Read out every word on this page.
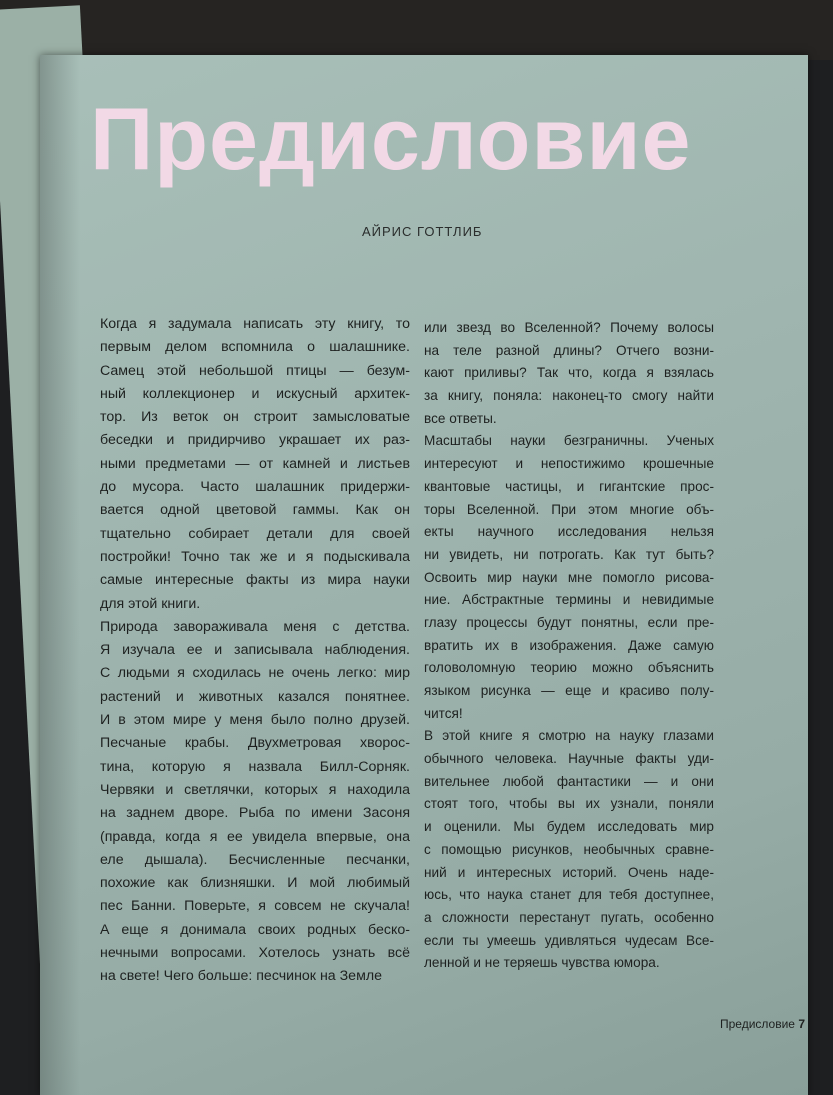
Предисловие
АЙРИС ГОТТЛИБ
Когда я задумала написать эту книгу, то
первым делом вспомнила о шалашнике.
Самец этой небольшой птицы — безум-
ный коллекционер и искусный архитек-
тор. Из веток он строит замысловатые
беседки и придирчиво украшает их раз-
ными предметами — от камней и листьев
до мусора. Часто шалашник придержи-
вается одной цветовой гаммы. Как он
тщательно собирает детали для своей
постройки! Точно так же и я подыскивала
самые интересные факты из мира науки
для этой книги.
Природа завораживала меня с детства.
Я изучала ее и записывала наблюдения.
С людьми я сходилась не очень легко: мир
растений и животных казался понятнее.
И в этом мире у меня было полно друзей.
Песчаные крабы. Двухметровая хворос-
тина, которую я назвала Билл-Сорняк.
Червяки и светлячки, которых я находила
на заднем дворе. Рыба по имени Засоня
(правда, когда я ее увидела впервые, она
еле дышала). Бесчисленные песчанки,
похожие как близняшки. И мой любимый
пес Банни. Поверьте, я совсем не скучала!
А еще я донимала своих родных беско-
нечными вопросами. Хотелось узнать всё
на свете! Чего больше: песчинок на Земле
или звезд во Вселенной? Почему волосы
на теле разной длины? Отчего возни-
кают приливы? Так что, когда я взялась
за книгу, поняла: наконец-то смогу найти
все ответы.
Масштабы науки безграничны. Ученых
интересуют и непостижимо крошечные
квантовые частицы, и гигантские прос-
торы Вселенной. При этом многие объ-
екты научного исследования нельзя
ни увидеть, ни потрогать. Как тут быть?
Освоить мир науки мне помогло рисова-
ние. Абстрактные термины и невидимые
глазу процессы будут понятны, если пре-
вратить их в изображения. Даже самую
головоломную теорию можно объяснить
языком рисунка — еще и красиво полу-
чится!
В этой книге я смотрю на науку глазами
обычного человека. Научные факты уди-
вительнее любой фантастики — и они
стоят того, чтобы вы их узнали, поняли
и оценили. Мы будем исследовать мир
с помощью рисунков, необычных сравне-
ний и интересных историй. Очень наде-
юсь, что наука станет для тебя доступнее,
а сложности перестанут пугать, особенно
если ты умеешь удивляться чудесам Все-
ленной и не теряешь чувства юмора.
Предисловие 7
